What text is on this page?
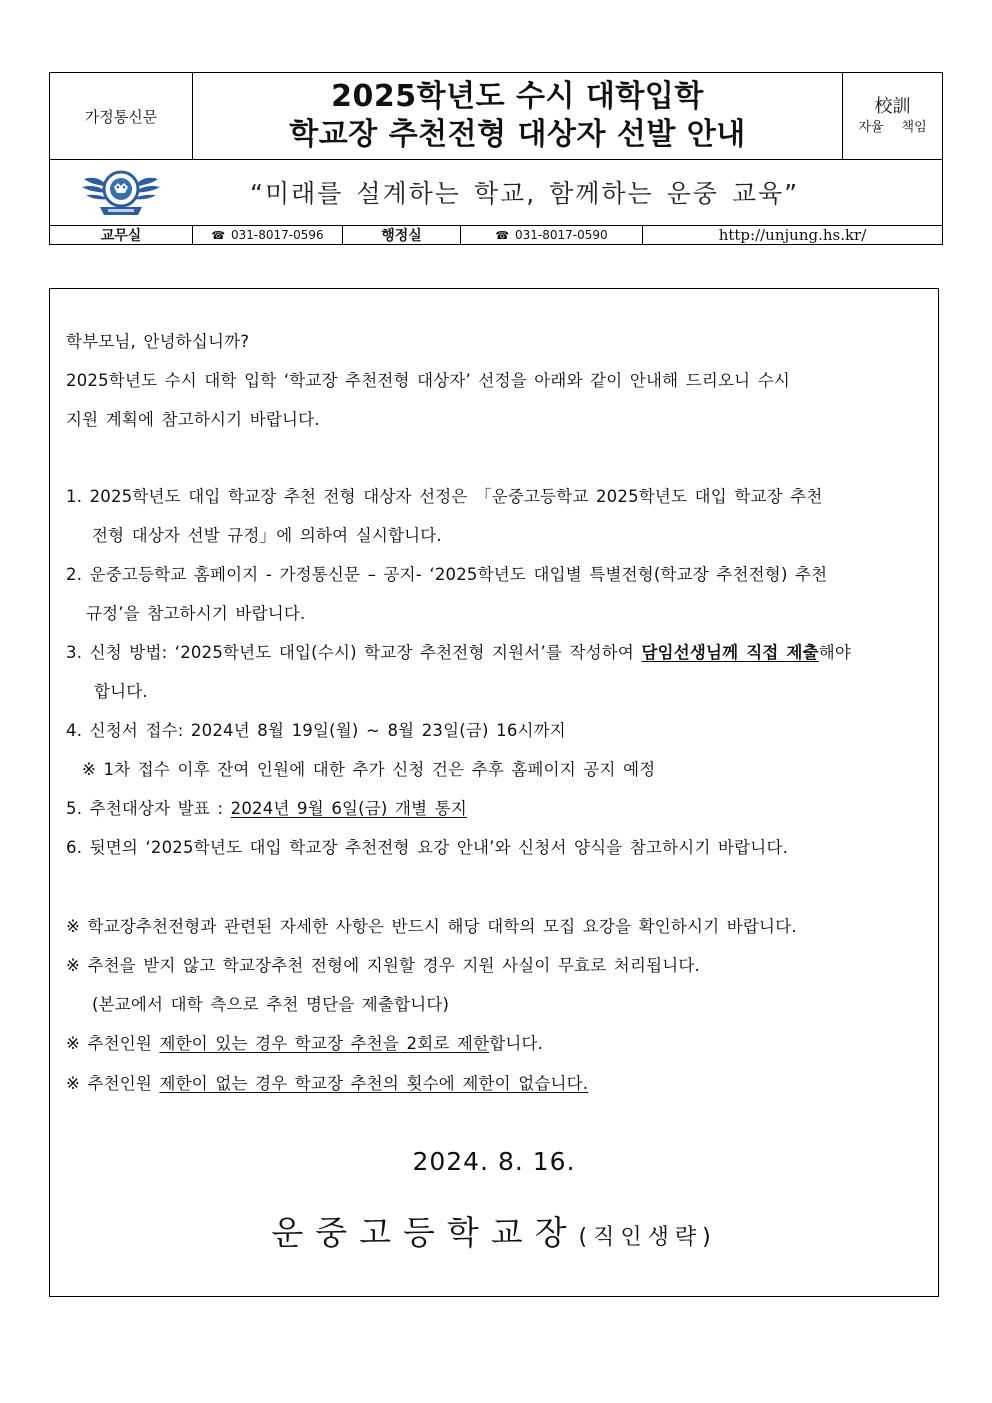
가정통신문
2025학년도 수시 대학입학
학교장 추천전형 대상자 선발 안내
校訓
자율 책임
“미래를 설계하는 학교, 함께하는 운중 교육”
교무실	☎ 031-8017-0596	행정실	☎ 031-8017-0590	http://unjung.hs.kr/
학부모님, 안녕하십니까?
2025학년도 수시 대학 입학 ‘학교장 추천전형 대상자’ 선정을 아래와 같이 안내해 드리오니 수시
지원 계획에 참고하시기 바랍니다.
1. 2025학년도 대입 학교장 추천 전형 대상자 선정은 「운중고등학교 2025학년도 대입 학교장 추천
전형 대상자 선발 규정」에 의하여 실시합니다.
2. 운중고등학교 홈페이지 - 가정통신문 – 공지- ‘2025학년도 대입별 특별전형(학교장 추천전형) 추천
규정’을 참고하시기 바랍니다.
3. 신청 방법: ‘2025학년도 대입(수시) 학교장 추천전형 지원서’를 작성하여 담임선생님께 직접 제출해야
합니다.
4. 신청서 접수: 2024년 8월 19일(월) ~ 8월 23일(금) 16시까지
※ 1차 접수 이후 잔여 인원에 대한 추가 신청 건은 추후 홈페이지 공지 예정
5. 추천대상자 발표 : 2024년 9월 6일(금) 개별 통지
6. 뒷면의 ‘2025학년도 대입 학교장 추천전형 요강 안내’와 신청서 양식을 참고하시기 바랍니다.
※ 학교장추천전형과 관련된 자세한 사항은 반드시 해당 대학의 모집 요강을 확인하시기 바랍니다.
※ 추천을 받지 않고 학교장추천 전형에 지원할 경우 지원 사실이 무효로 처리됩니다.
(본교에서 대학 측으로 추천 명단을 제출합니다)
※ 추천인원 제한이 있는 경우 학교장 추천을 2회로 제한합니다.
※ 추천인원 제한이 없는 경우 학교장 추천의 횟수에 제한이 없습니다.
2024. 8. 16.
운중고등학교장(직인생략)
